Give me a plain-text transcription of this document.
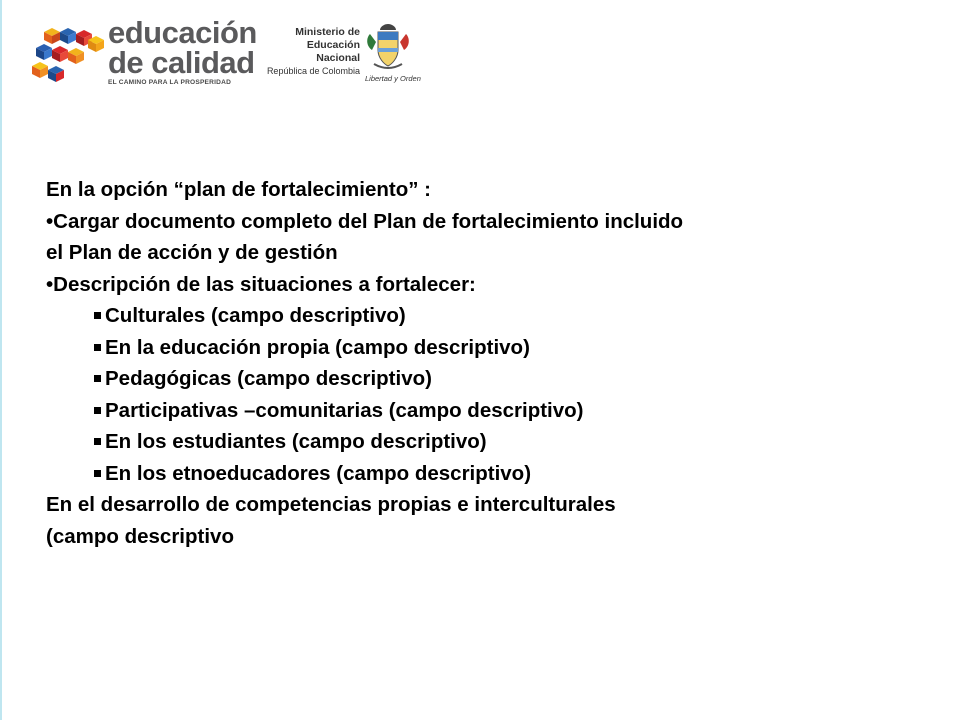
educación
de calidad
EL CAMINO PARA LA PROSPERIDAD
Ministerio de
Educación Nacional
República de Colombia
Libertad y Orden
En la opción “plan de fortalecimiento” :
•Cargar documento completo del Plan de fortalecimiento incluido
el Plan de acción y de gestión
•Descripción de las situaciones a fortalecer:
Culturales (campo descriptivo)
En la educación propia (campo descriptivo)
Pedagógicas (campo descriptivo)
Participativas –comunitarias (campo descriptivo)
En los estudiantes (campo descriptivo)
En los etnoeducadores (campo descriptivo)
En el desarrollo de competencias propias e interculturales
(campo descriptivo
